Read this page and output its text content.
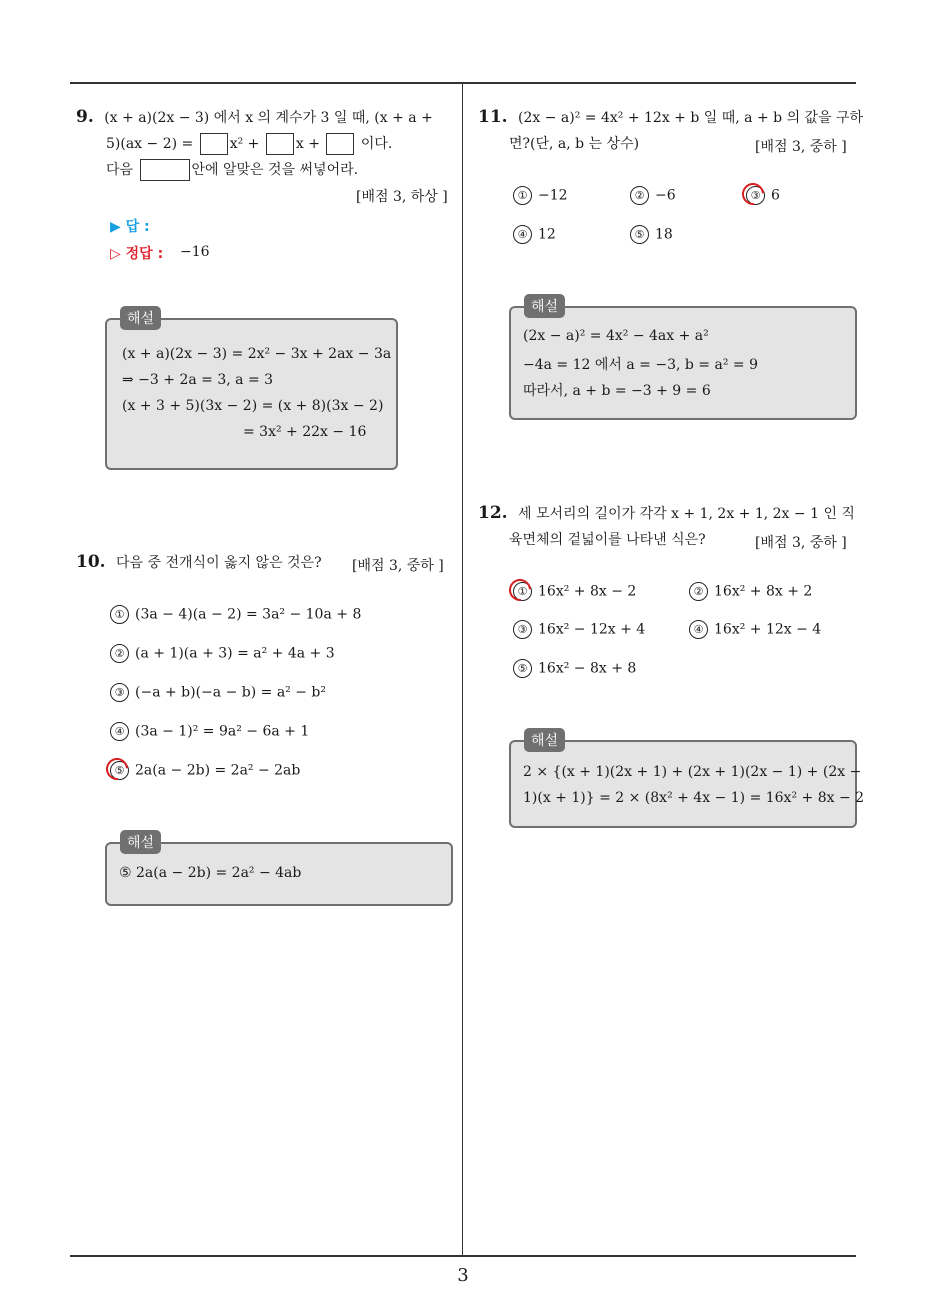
3
9. (x + a)(2x − 3) 에서 x 의 계수가 3 일 때, (x + a +
5)(ax − 2) =	x² +	x +	이다.
다음	안에 알맞은 것을 써넣어라.
[배점 3, 하상 ]
▶ 답 :
▷ 정답 : −16
(x + a)(2x − 3) = 2x² − 3x + 2ax − 3a
⇒ −3 + 2a = 3, a = 3
(x + 3 + 5)(3x − 2) = (x + 8)(3x − 2)
= 3x² + 22x − 16
해설
10. 다음 중 전개식이 옳지 않은 것은? [배점 3, 중하 ]
① (3a − 4)(a − 2) = 3a² − 10a + 8
② (a + 1)(a + 3) = a² + 4a + 3
③ (−a + b)(−a − b) = a² − b²
④ (3a − 1)² = 9a² − 6a + 1
⑤ 2a(a − 2b) = 2a² − 2ab
⑤ 2a(a − 2b) = 2a² − 4ab
해설
11. (2x − a)² = 4x² + 12x + b 일 때, a + b 의 값을 구하
면?(단, a, b 는 상수)	[배점 3, 중하 ]
① −12	② −6	③ 6
④ 12	⑤ 18
(2x − a)² = 4x² − 4ax + a²
−4a = 12 에서 a = −3, b = a² = 9
따라서, a + b = −3 + 9 = 6
해설
12. 세 모서리의 길이가 각각 x + 1, 2x + 1, 2x − 1 인 직
육면체의 겉넓이를 나타낸 식은?	[배점 3, 중하 ]
① 16x² + 8x − 2	② 16x² + 8x + 2
③ 16x² − 12x + 4	④ 16x² + 12x − 4
⑤ 16x² − 8x + 8
2 × {(x + 1)(2x + 1) + (2x + 1)(2x − 1) + (2x −
1)(x + 1)} = 2 × (8x² + 4x − 1) = 16x² + 8x − 2
해설
